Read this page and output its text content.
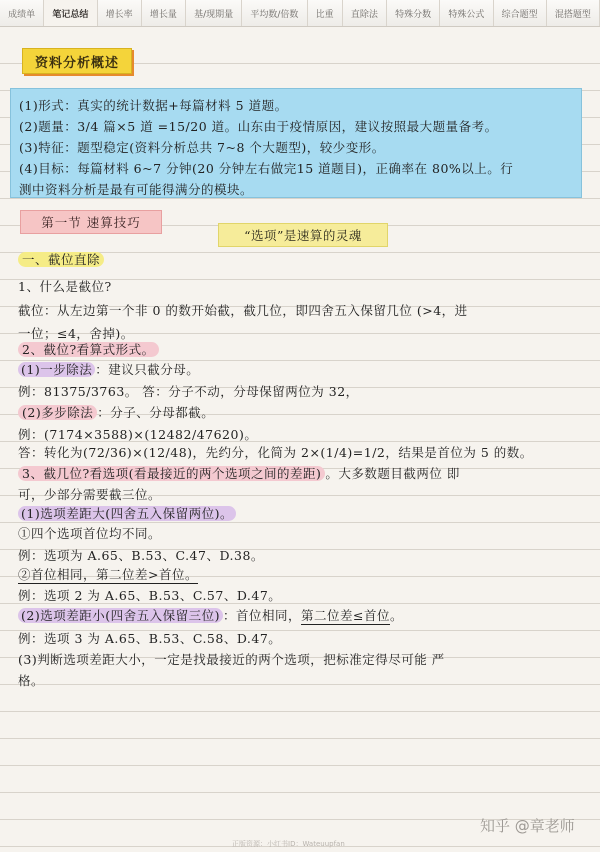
成绩单	笔记总结	增长率	增长量	基/现期量	平均数/倍数	比重	直除法	特殊分数	特殊公式	综合题型	混搭题型
资料分析概述
(1)形式：真实的统计数据+每篇材料 5 道题。
(2)题量：3/4 篇×5 道 =15/20 道。山东由于疫情原因，建议按照最大题量备考。
(3)特征：题型稳定(资料分析总共 7~8 个大题型)，较少变形。
(4)目标：每篇材料 6~7 分钟(20 分钟左右做完15 道题目)，正确率在 80%以上。行
测中资料分析是最有可能得满分的模块。
第一节 速算技巧
“选项”是速算的灵魂
一、截位直除
1、什么是截位?
截位：从左边第一个非 0 的数开始截，截几位，即四舍五入保留几位 (>4，进
一位；≤4，舍掉)。
2、截位?看算式形式。
(1)一步除法 ：建议只截分母。
例：81375/3763。 答：分子不动，分母保留两位为 32，
(2)多步除法 ：分子、分母都截。
例：(7174×3588)×(12482/47620)。
答：转化为(72/36)×(12/48)，先约分，化简为 2×(1/4)=1/2，结果是首位为 5 的数。
3、截几位?看选项(看最接近的两个选项之间的差距) 。大多数题目截两位 即
可，少部分需要截三位。
(1)选项差距大(四舍五入保留两位)。
①四个选项首位均不同。
例：选项为 A.65、B.53、C.47、D.38。
②首位相同，第二位差>首位。
例：选项 2 为 A.65、B.53、C.57、D.47。
(2)选项差距小(四舍五入保留三位) ：首位相同，第二位差≤首位。
例：选项 3 为 A.65、B.53、C.58、D.47。
(3)判断选项差距大小，一定是找最接近的两个选项，把标准定得尽可能 严
格。
正版资源：小红书ID：Wateuupfan
知乎 @章老师
